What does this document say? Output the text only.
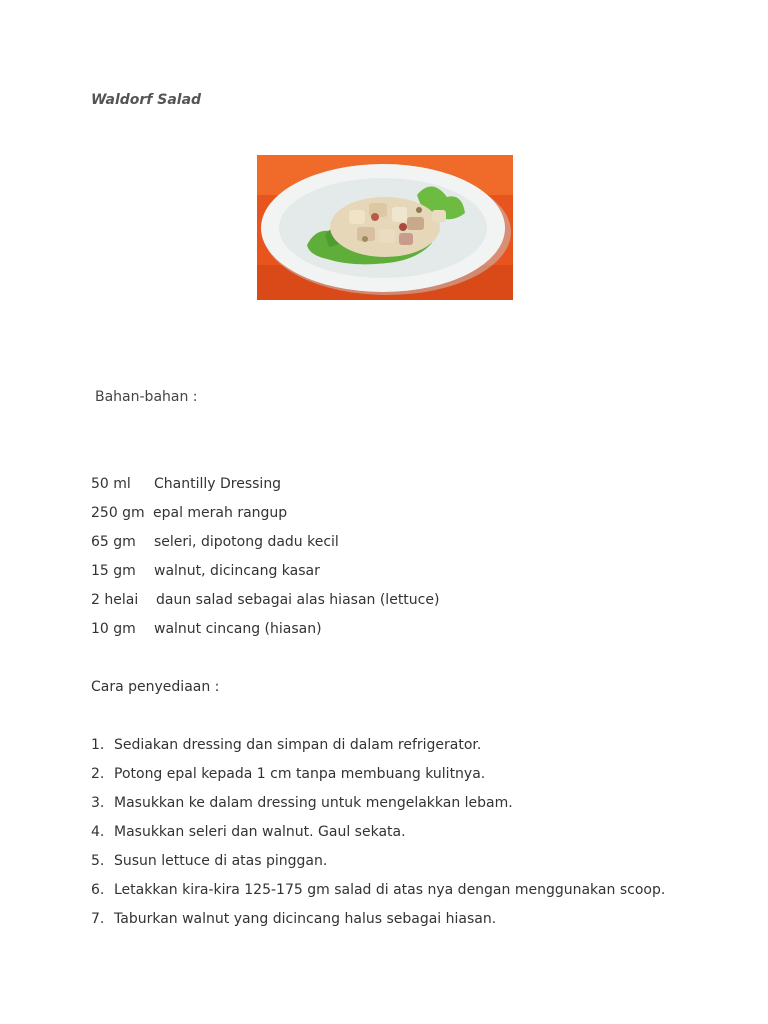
Waldorf Salad

Bahan-bahan :

50 ml Chantilly Dressing
250 gm epal merah rangup
65 gm seleri, dipotong dadu kecil
15 gm walnut, dicincang kasar
2 helai daun salad sebagai alas hiasan (lettuce)
10 gm walnut cincang (hiasan)

Cara penyediaan :

1. Sediakan dressing dan simpan di dalam refrigerator.
2. Potong epal kepada 1 cm tanpa membuang kulitnya.
3. Masukkan ke dalam dressing untuk mengelakkan lebam.
4. Masukkan seleri dan walnut. Gaul sekata.
5. Susun lettuce di atas pinggan.
6. Letakkan kira-kira 125-175 gm salad di atas nya dengan menggunakan scoop.
7. Taburkan walnut yang dicincang halus sebagai hiasan.
